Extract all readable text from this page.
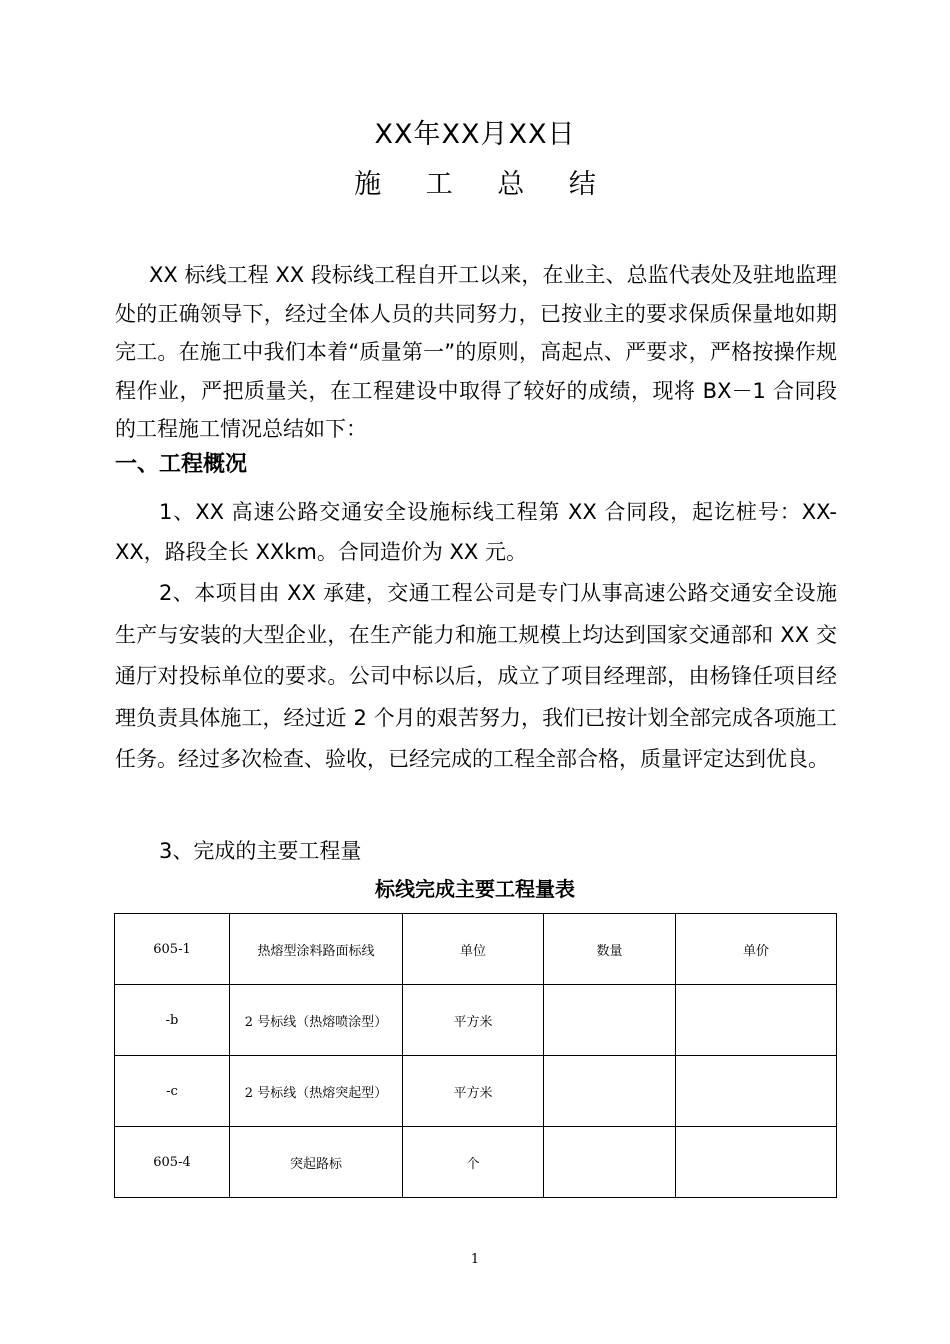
XX年XX月XX日
施 工 总 结
XX 标线工程 XX 段标线工程自开工以来，在业主、总监代表处及驻地监理处的正确领导下，经过全体人员的共同努力，已按业主的要求保质保量地如期完工。在施工中我们本着“质量第一”的原则，高起点、严要求，严格按操作规程作业，严把质量关，在工程建设中取得了较好的成绩，现将 BX－1 合同段的工程施工情况总结如下：
一、工程概况
1、XX 高速公路交通安全设施标线工程第 XX 合同段，起讫桩号：XX-XX，路段全长 XXkm。合同造价为 XX 元。
2、本项目由 XX 承建，交通工程公司是专门从事高速公路交通安全设施生产与安装的大型企业，在生产能力和施工规模上均达到国家交通部和 XX 交通厅对投标单位的要求。公司中标以后，成立了项目经理部，由杨锋任项目经理负责具体施工，经过近 2 个月的艰苦努力，我们已按计划全部完成各项施工任务。经过多次检查、验收，已经完成的工程全部合格，质量评定达到优良。
3、完成的主要工程量
标线完成主要工程量表
605-1	热熔型涂料路面标线	单位	数量	单价
-b	2 号标线（热熔喷涂型）	平方米		
-c	2 号标线（热熔突起型）	平方米		
605-4	突起路标	个		
1
